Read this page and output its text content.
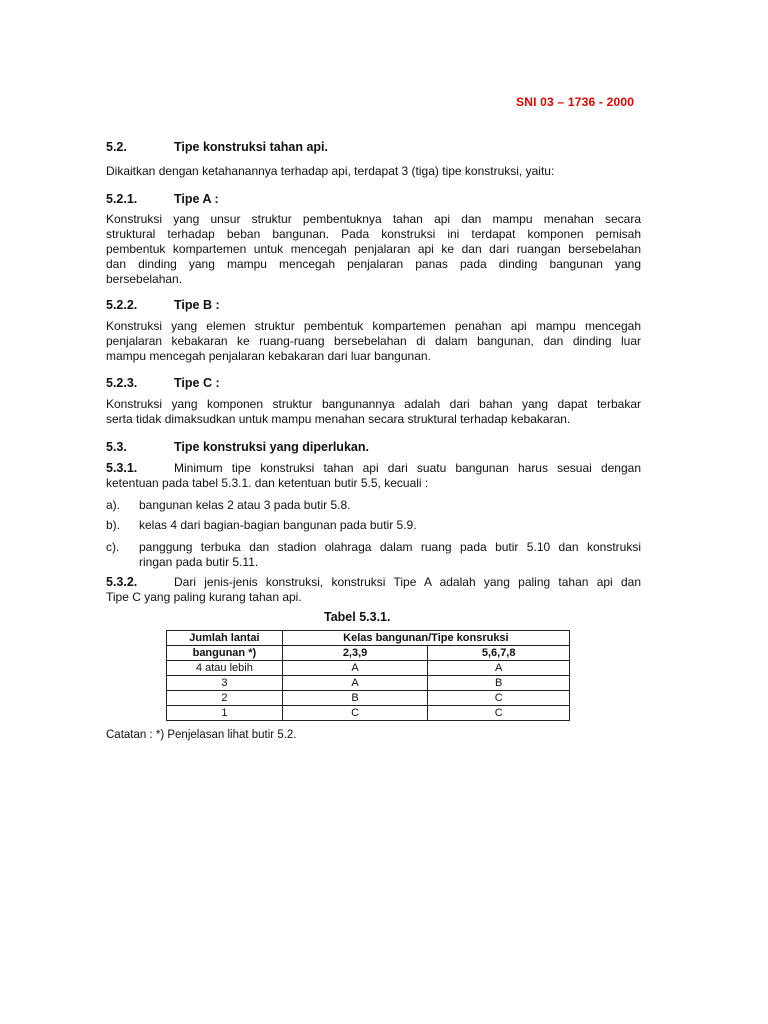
SNI 03 – 1736 - 2000
5.2.	Tipe konstruksi tahan api.
Dikaitkan dengan ketahanannya terhadap api, terdapat 3 (tiga) tipe konstruksi, yaitu:
5.2.1.	Tipe A :
Konstruksi yang unsur struktur pembentuknya tahan api dan mampu menahan secara
struktural terhadap beban bangunan. Pada konstruksi ini terdapat komponen pemisah
pembentuk kompartemen untuk mencegah penjalaran api ke dan dari ruangan bersebelahan
dan dinding yang mampu mencegah penjalaran panas pada dinding bangunan yang
bersebelahan.
5.2.2.	Tipe B :
Konstruksi yang elemen struktur pembentuk kompartemen penahan api mampu mencegah
penjalaran kebakaran ke ruang-ruang bersebelahan di dalam bangunan, dan dinding luar
mampu mencegah penjalaran kebakaran dari luar bangunan.
5.2.3.	Tipe C :
Konstruksi yang komponen struktur bangunannya adalah dari bahan yang dapat terbakar
serta tidak dimaksudkan untuk mampu menahan secara struktural terhadap kebakaran.
5.3.	Tipe konstruksi yang diperlukan.
5.3.1.	Minimum tipe konstruksi tahan api dari suatu bangunan harus sesuai dengan
ketentuan pada tabel 5.3.1. dan ketentuan butir 5.5, kecuali :
a). bangunan kelas 2 atau 3 pada butir 5.8.
b). kelas 4 dari bagian-bagian bangunan pada butir 5.9.
c). panggung terbuka dan stadion olahraga dalam ruang pada butir 5.10 dan konstruksi
ringan pada butir 5.11.
5.3.2.	Dari jenis-jenis konstruksi, konstruksi Tipe A adalah yang paling tahan api dan
Tipe C yang paling kurang tahan api.
Tabel 5.3.1.
Jumlah lantai	Kelas bangunan/Tipe konsruksi	
bangunan *)	2,3,9	5,6,7,8
4 atau lebih	A	A
3	A	B
2	B	C
1	C	C
Catatan : *) Penjelasan lihat butir 5.2.
